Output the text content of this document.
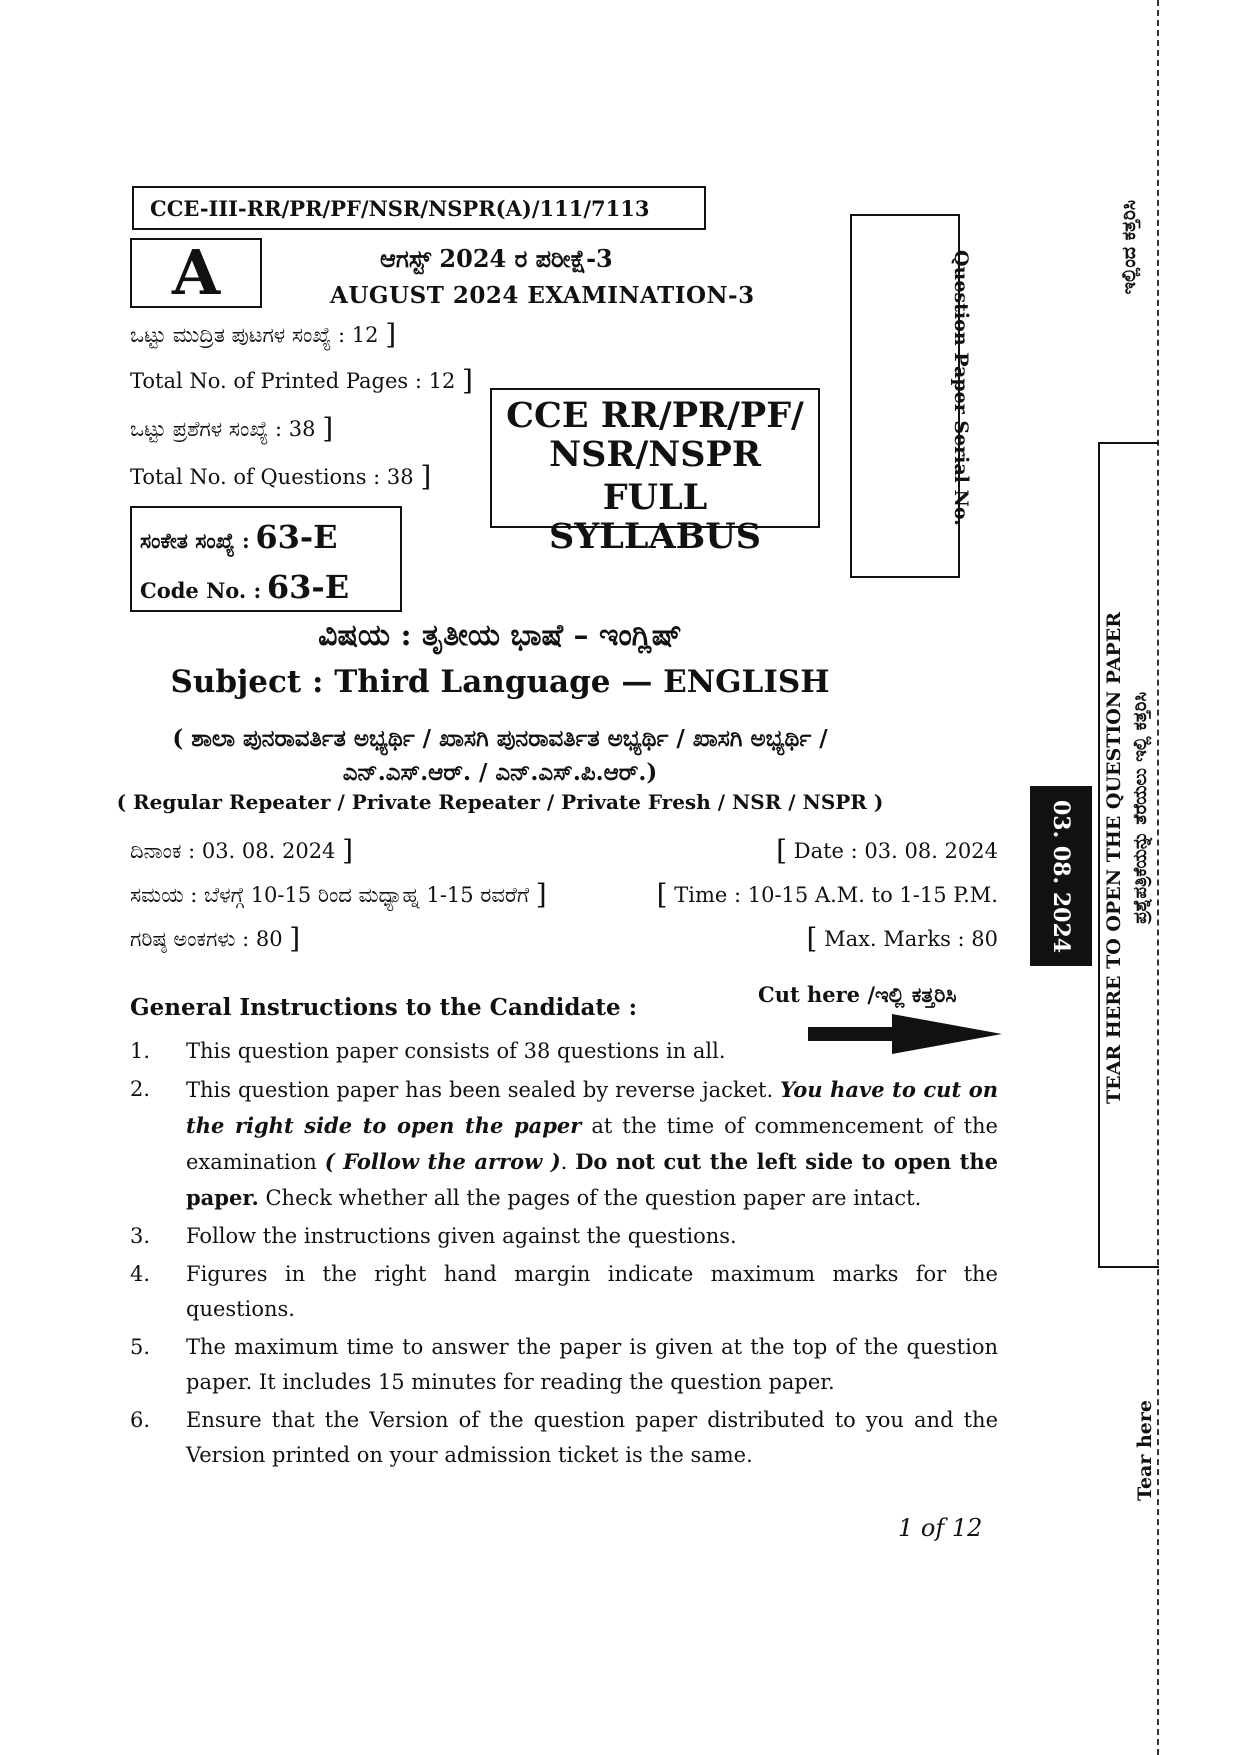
CCE-III-RR/PR/PF/NSR/NSPR(A)/111/7113
A	ಆಗಸ್ಟ್ 2024 ರ ಪರೀಕ್ಷೆ-3
AUGUST 2024 EXAMINATION-3
ಒಟ್ಟು ಮುದ್ರಿತ ಪುಟಗಳ ಸಂಖ್ಯೆ : 12 ]
Total No. of Printed Pages : 12 ]
ಒಟ್ಟು ಪ್ರಶೆಗಳ ಸಂಖ್ಯೆ : 38 ]
Total No. of Questions : 38 ]
CCE RR/PR/PF/
NSR/NSPR
FULL SYLLABUS
Question Paper Serial No.
ಸಂಕೇತ ಸಂಖ್ಯೆ : 63-E
Code No. : 63-E
ವಿಷಯ : ತೃತೀಯ ಭಾಷೆ – ಇಂಗ್ಲಿಷ್
Subject : Third Language — ENGLISH
( ಶಾಲಾ ಪುನರಾವರ್ತಿತ ಅಭ್ಯರ್ಥಿ / ಖಾಸಗಿ ಪುನರಾವರ್ತಿತ ಅಭ್ಯರ್ಥಿ / ಖಾಸಗಿ ಅಭ್ಯರ್ಥಿ /
ಎನ್.ಎಸ್.ಆರ್. / ಎನ್.ಎಸ್.ಪಿ.ಆರ್.)
( Regular Repeater / Private Repeater / Private Fresh / NSR / NSPR )
ದಿನಾಂಕ : 03. 08. 2024 ]	[ Date : 03. 08. 2024
ಸಮಯ : ಬೆಳಗ್ಗೆ 10-15 ರಿಂದ ಮಧ್ಯಾಹ್ನ 1-15 ರವರೆಗೆ ]	[ Time : 10-15 A.M. to 1-15 P.M.
ಗರಿಷ್ಠ ಅಂಕಗಳು : 80 ]	[ Max. Marks : 80
General Instructions to the Candidate :	Cut here /ಇಲ್ಲಿ ಕತ್ತರಿಸಿ
1.	This question paper consists of 38 questions in all.
2.	This question paper has been sealed by reverse jacket. You have to cut on the right side to open the paper at the time of commencement of the examination ( Follow the arrow ). Do not cut the left side to open the paper. Check whether all the pages of the question paper are intact.
3.	Follow the instructions given against the questions.
4.	Figures in the right hand margin indicate maximum marks for the questions.
5.	The maximum time to answer the paper is given at the top of the question paper. It includes 15 minutes for reading the question paper.
6.	Ensure that the Version of the question paper distributed to you and the Version printed on your admission ticket is the same.
1 of 12
ಇಲ್ಲಿಂದ ಕತ್ತರಿಸಿ
TEAR HERE TO OPEN THE QUESTION PAPER ಪ್ರಶ್ನೆಪತ್ರಿಕೆಯನ್ನು ತೆರೆಯಲು ಇಲ್ಲಿ ಕತ್ತರಿಸಿ
03. 08. 2024
Tear here
